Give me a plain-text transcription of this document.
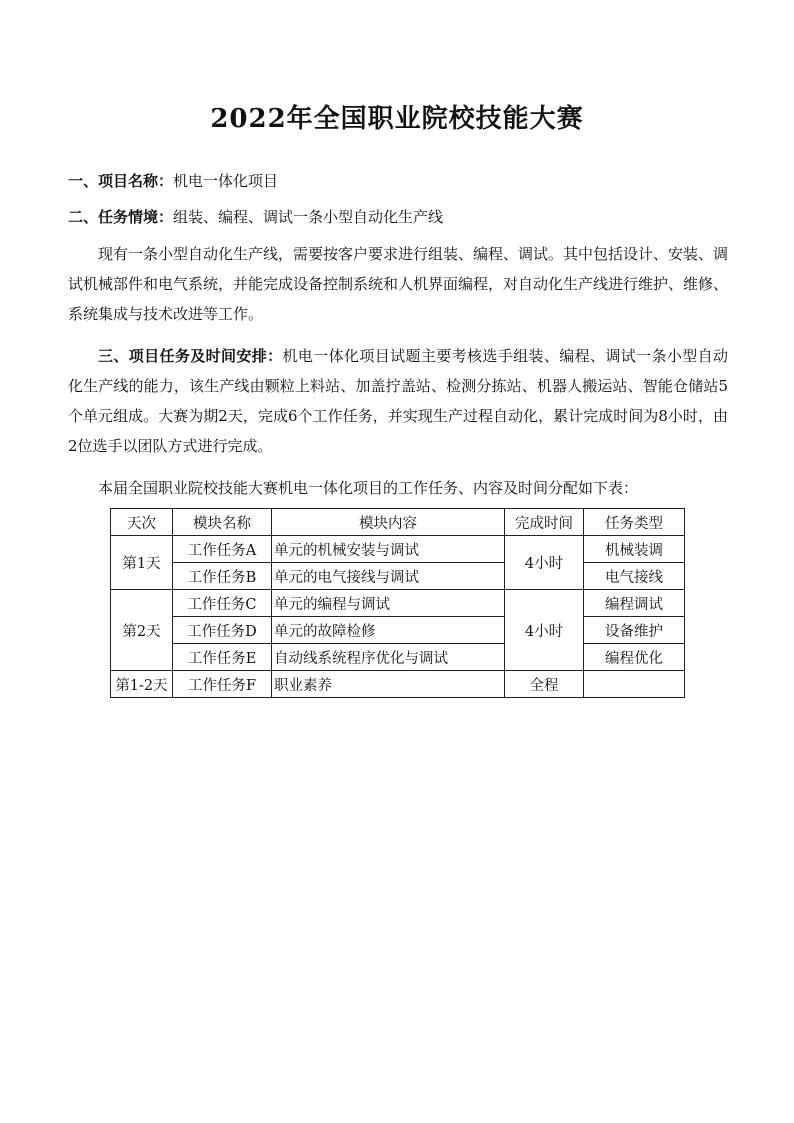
2022年全国职业院校技能大赛
一、项目名称：机电一体化项目
二、任务情境：组装、编程、调试一条小型自动化生产线
现有一条小型自动化生产线，需要按客户要求进行组装、编程、调试。其中包括设计、安装、调试机械部件和电气系统，并能完成设备控制系统和人机界面编程，对自动化生产线进行维护、维修、系统集成与技术改进等工作。
三、项目任务及时间安排：机电一体化项目试题主要考核选手组装、编程、调试一条小型自动化生产线的能力，该生产线由颗粒上料站、加盖拧盖站、检测分拣站、机器人搬运站、智能仓储站5个单元组成。大赛为期2天，完成6个工作任务，并实现生产过程自动化，累计完成时间为8小时，由2位选手以团队方式进行完成。
本届全国职业院校技能大赛机电一体化项目的工作任务、内容及时间分配如下表：
天次	模块名称	模块内容	完成时间	任务类型
第1天	工作任务A	单元的机械安装与调试	4小时	机械装调
	工作任务B	单元的电气接线与调试		电气接线
第2天	工作任务C	单元的编程与调试	4小时	编程调试
	工作任务D	单元的故障检修		设备维护
	工作任务E	自动线系统程序优化与调试		编程优化
第1-2天	工作任务F	职业素养	全程	
